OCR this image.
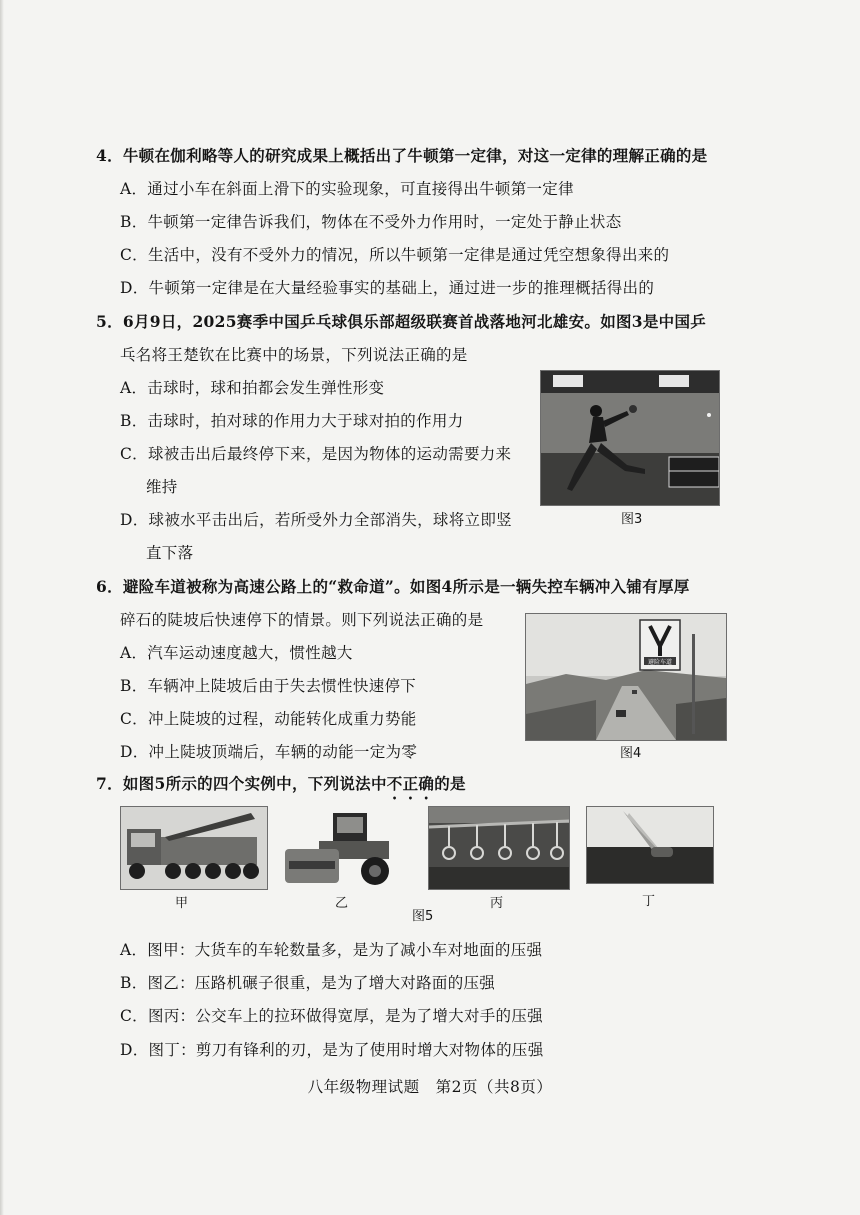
4．牛顿在伽利略等人的研究成果上概括出了牛顿第一定律，对这一定律的理解正确的是
A．通过小车在斜面上滑下的实验现象，可直接得出牛顿第一定律
B．牛顿第一定律告诉我们，物体在不受外力作用时，一定处于静止状态
C．生活中，没有不受外力的情况，所以牛顿第一定律是通过凭空想象得出来的
D．牛顿第一定律是在大量经验事实的基础上，通过进一步的推理概括得出的
5．6月9日，2025赛季中国乒乓球俱乐部超级联赛首战落地河北雄安。如图3是中国乒
乓名将王楚钦在比赛中的场景，下列说法正确的是
A．击球时，球和拍都会发生弹性形变
B．击球时，拍对球的作用力大于球对拍的作用力
C．球被击出后最终停下来，是因为物体的运动需要力来
维持
D．球被水平击出后，若所受外力全部消失，球将立即竖
直下落
图3
6．避险车道被称为高速公路上的“救命道”。如图4所示是一辆失控车辆冲入铺有厚厚
碎石的陡坡后快速停下的情景。则下列说法正确的是
A．汽车运动速度越大，惯性越大
B．车辆冲上陡坡后由于失去惯性快速停下
C．冲上陡坡的过程，动能转化成重力势能
D．冲上陡坡顶端后，车辆的动能一定为零
避险车道
图4
7．如图5所示的四个实例中，下列说法中不正确的是
甲	乙	丙	丁
图5
A．图甲：大货车的车轮数量多，是为了减小车对地面的压强
B．图乙：压路机碾子很重，是为了增大对路面的压强
C．图丙：公交车上的拉环做得宽厚，是为了增大对手的压强
D．图丁：剪刀有锋利的刃，是为了使用时增大对物体的压强
八年级物理试题　第2页（共8页）
